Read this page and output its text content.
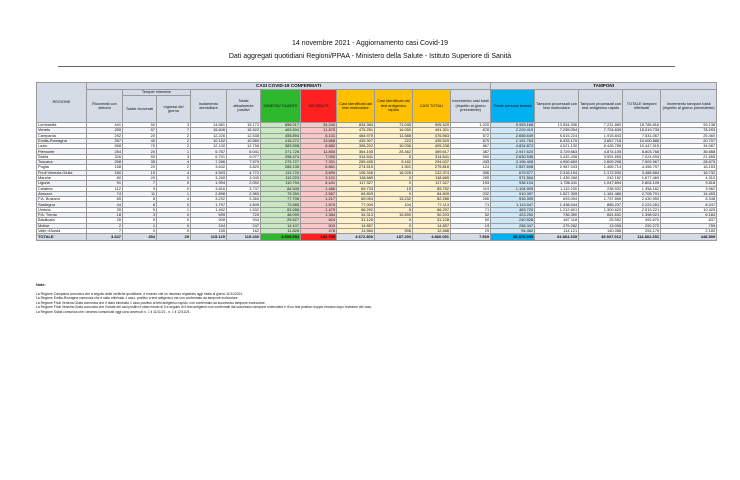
14 novembre 2021 - Aggiornamento casi Covid-19
Dati aggregati quotidiani Regioni/PPAA - Ministero della Salute - Istituto Superiore di Sanità
REGIONE	CASI COVID-19 CONFERMATI											TAMPONI				
	Ricoverati con sintomi	Terapie intensive		Isolamento domiciliare	Totale attualmente positivi	DIMESSI/ GUARITI	DECEDUTI	Casi identificati dal test molecolare	Casi identificati dal test antigenico rapido	CASI TOTALI	Incremento casi totali (rispetto al giorno precedente)	Totale persone testate	Tamponi processati con test molecolare	Tamponi processati con test antigenico rapido	TOTALE tamponi effettuati	Incremento tamponi totali (rispetto al giorno precedente)
		Totale ricoverati	Ingressi del giorno													
Lombardia	441	50	3	14.681	15.172	856.017	34.240	834.384	71.045	905.429	1.020	5.953.168	13.554.936	7.231.880	18.786.816	99.138
Veneto	259	57	7	15.606	15.922	463.504	11.875	475.251	16.050	491.301	678	2.229.415	7.295.094	7.724.639	15.019.733	78.293
Campania	292	20	2	12.226	12.538	455.894	8.131	464.975	11.588	476.563	872	2.656.649	5.615.224	1.915.843	7.531.067	25.460
Emilia-Romagna	397	40	2	10.152	10.589	415.272	13.668	439.307	222	439.529	679	2.191.763	6.333.170	3.667.718	10.000.888	20.707
Lazio	558	70	2	12.130	12.758	383.598	8.882	395.202	10.036	405.238	867	4.824.872	4.021.130	6.426.785	10.447.915	34.087
Piemonte	264	20	1	5.757	6.041	371.726	11.850	364.155	25.462	389.617	367	2.947.620	3.729.663	4.874.105	8.603.768	36.668
Sicilia	326	50	3	6.701	9.077	298.474	7.090	314.641	0	314.641	550	2.630.536	3.432.438	3.591.655	7.024.093	21.655
Toscana	258	35	4	7.286	7.579	279.727	7.331	289.455	5.182	294.637	433	3.196.408	4.900.669	2.609.298	7.509.967	28.675
Puglia	158	20	2	3.642	3.820	265.135	6.861	274.515	1.301	275.816	124	1.557.698	2.987.043	1.469.714	4.456.757	16.153
Friuli Venezia Giulia	160	19	4	4.593	4.772	113.720	3.899	106.346	16.028	122.374	396	679.577	2.316.194	1.172.530	3.488.684	16.732
Marche	60	20	0	3.265	3.345	112.223	3.121	118.689	0	118.689	285	971.504	1.435.268	242.192	1.677.460	4.310
Liguria	91	7	0	1.994	2.092	110.794	4.441	117.327	0	117.327	193	936.104	1.756.411	1.047.694	2.804.105	9.818
Calabria	112	9	0	3.616	3.737	84.549	1.466	89.733	19	89.752	119	1.104.909	1.119.230	238.932	1.358.162	3.962
Abruzzo	74	11	1	2.898	2.983	79.259	2.567	84.809	0	84.809	232	910.397	1.527.305	1.181.486	2.708.791	14.493
P.A. Bolzano	65	8	4	3.292	3.365	77.706	1.217	69.054	13.232	82.286	256	516.305	693.094	1.737.856	2.430.950	8.348
Sardegna	44	8	0	1.797	1.849	73.585	1.679	77.009	104	77.113	71	1.113.547	1.338.044	885.237	2.223.281	8.247
Umbria	35	5	1	1.492	1.532	63.286	1.479	66.292	5	66.297	71	463.720	1.212.601	1.300.620	2.513.221	10.425
P.A. Trento	18	3	0	699	720	48.099	1.384	34.313	15.890	50.203	52	423.250	736.390	661.631	1.398.021	6.184
Basilicata	26	0	0	908	934	29.527	624	31.128	0	31.128	50	240.528	467.118	25.552	492.670	637
Molise	2	1	0	244	247	14.107	503	14.857	0	14.857	19	258.347	279.262	13.095	292.272	759
Valle d'Aosta	7	0	0	155	162	11.828	476	11.560	906	12.466	29	94.462	114.121	140.058	254.179	2.180
TOTALE	3.647	454	29	115.129	119.230	4.608.054	132.739	4.672.800	187.293	4.860.091	7.569	36.876.559	64.864.339	49.937.912	114.802.251	448.599
Note:
La Regione Campania comunica che a seguito delle verifiche quotidiane, è emerso che un decesso registrato oggi risale al giorno 11/11/2021.
La Regione Emilia-Romagna comunica che è stato eliminato 1 caso, positivo a test antigenico ma non confermato da tampone molecolare.
La Regione Friuli Venezia Giulia comunica che è stato eliminato 1 caso positivo al test antigenico rapido, non confermato da successivo tampone molecolare.
La Regione Friuli Venezia Giulia comunica che il totale dei casi positivi è stato ridotto di 5 a seguito di 5 test antigenici non confermati dal successivo tampone molecolare e di un test positivo doppio rimosso dopo revisione del caso.
La Regione Sicilia comunica che i decessi comunicati oggi sono avvenuti: n. 1 il 11/11/21 - n. 1 il 12/11/21.
